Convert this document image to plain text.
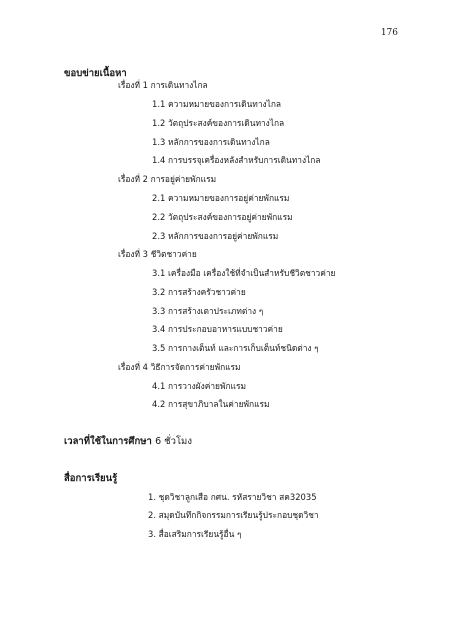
176
ขอบข่ายเนื้อหา
เรื่องที่ 1 การเดินทางไกล
1.1 ความหมายของการเดินทางไกล
1.2 วัตถุประสงค์ของการเดินทางไกล
1.3 หลักการของการเดินทางไกล
1.4 การบรรจุเครื่องหลังสำหรับการเดินทางไกล
เรื่องที่ 2 การอยู่ค่ายพักแรม
2.1 ความหมายของการอยู่ค่ายพักแรม
2.2 วัตถุประสงค์ของการอยู่ค่ายพักแรม
2.3 หลักการของการอยู่ค่ายพักแรม
เรื่องที่ 3 ชีวิตชาวค่าย
3.1 เครื่องมือ เครื่องใช้ที่จำเป็นสำหรับชีวิตชาวค่าย
3.2 การสร้างครัวชาวค่าย
3.3 การสร้างเตาประเภทต่าง ๆ
3.4 การประกอบอาหารแบบชาวค่าย
3.5 การกางเต็นท์ และการเก็บเต็นท์ชนิดต่าง ๆ
เรื่องที่ 4 วิธีการจัดการค่ายพักแรม
4.1 การวางผังค่ายพักแรม
4.2 การสุขาภิบาลในค่ายพักแรม
เวลาที่ใช้ในการศึกษา 6 ชั่วโมง
สื่อการเรียนรู้
1. ชุดวิชาลูกเสือ กศน. รหัสรายวิชา สค32035
2. สมุดบันทึกกิจกรรมการเรียนรู้ประกอบชุดวิชา
3. สื่อเสริมการเรียนรู้อื่น ๆ
